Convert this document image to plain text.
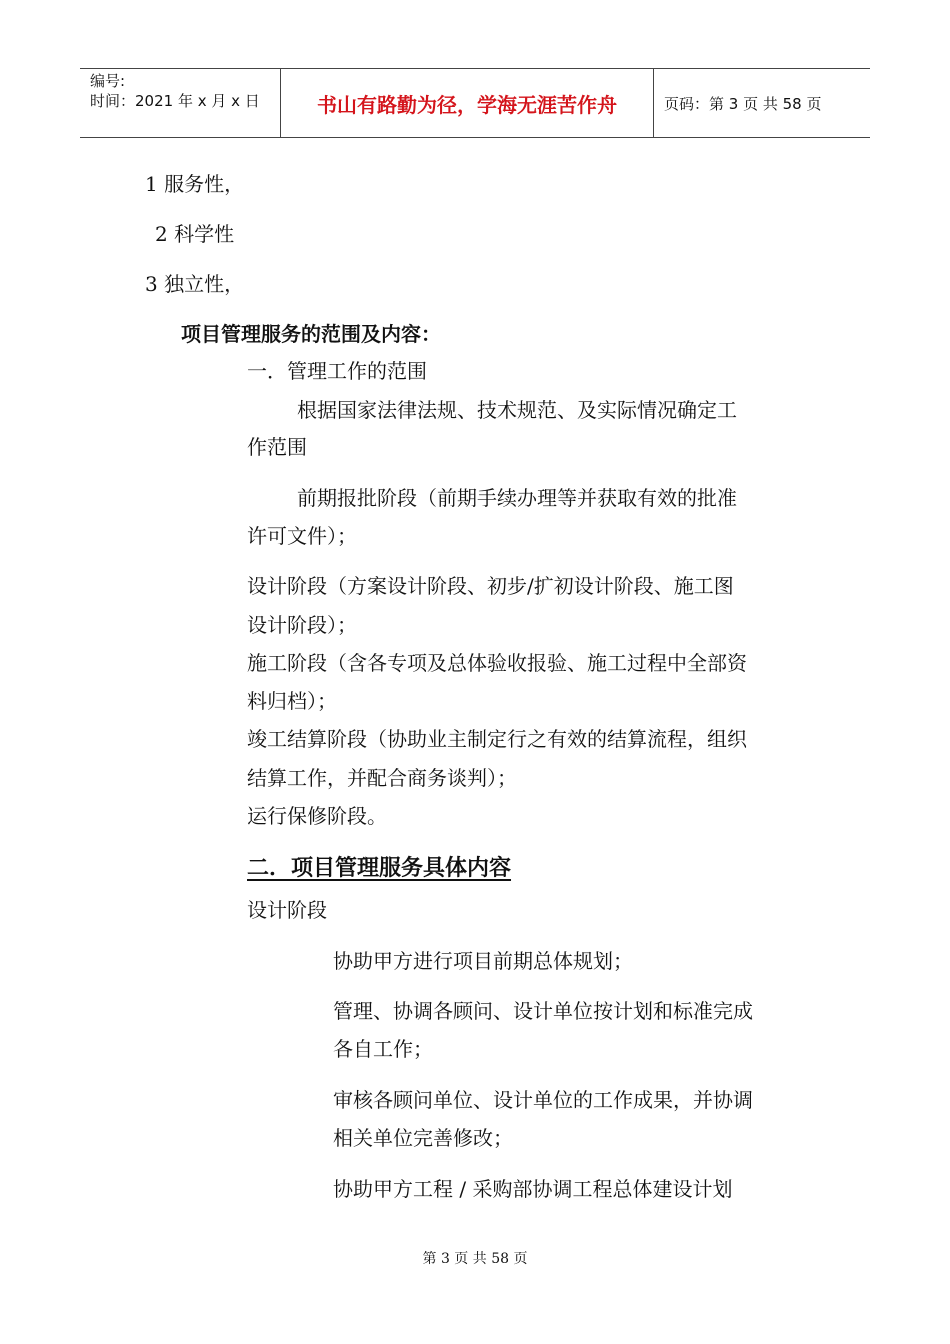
编号:
时间：2021 年 x 月 x 日	书山有路勤为径，学海无涯苦作舟	页码：第 3 页 共 58 页
1 服务性，
2 科学性
3 独立性，
项目管理服务的范围及内容：
一．管理工作的范围
根据国家法律法规、技术规范、及实际情况确定工
作范围
前期报批阶段（前期手续办理等并获取有效的批准
许可文件）；
设计阶段（方案设计阶段、初步/扩初设计阶段、施工图
设计阶段）；
施工阶段（含各专项及总体验收报验、施工过程中全部资
料归档）；
竣工结算阶段（协助业主制定行之有效的结算流程，组织
结算工作，并配合商务谈判）；
运行保修阶段。
二．项目管理服务具体内容
设计阶段
协助甲方进行项目前期总体规划；
管理、协调各顾问、设计单位按计划和标准完成
各自工作；
审核各顾问单位、设计单位的工作成果，并协调
相关单位完善修改；
协助甲方工程 / 采购部协调工程总体建设计划
第 3 页 共 58 页
